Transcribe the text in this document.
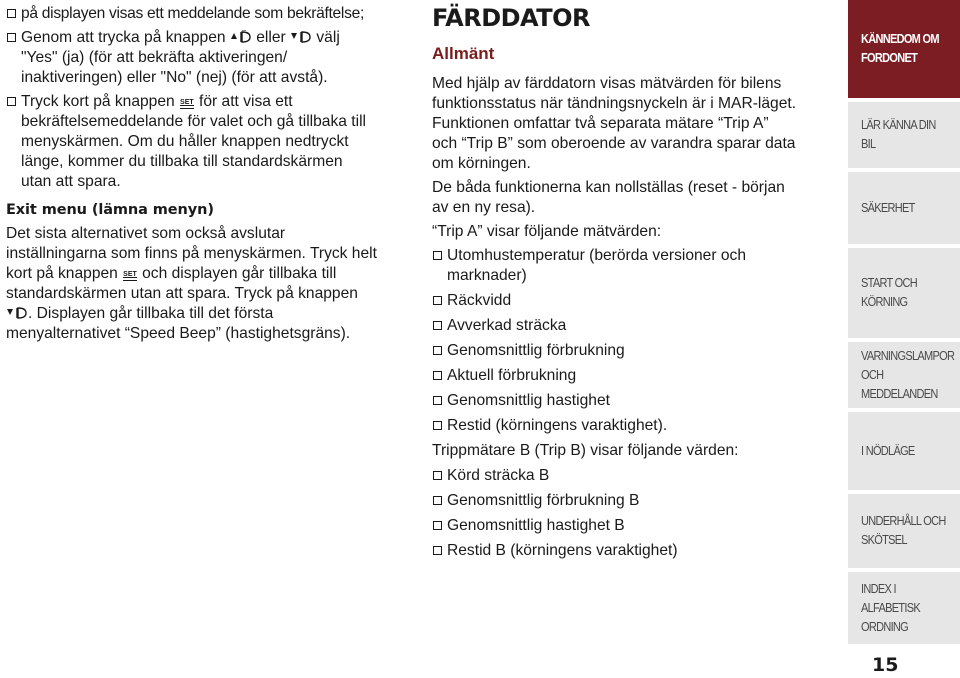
på displayen visas ett meddelande som bekräftelse;

Genom att trycka på knappen  eller  välj
"Yes" (ja) (för att bekräfta aktiveringen/
inaktiveringen) eller "No" (nej) (för att avstå).

Tryck kort på knappen SET för att visa ett
bekräftelsemeddelande för valet och gå tillbaka till
menyskärmen. Om du håller knappen nedtryckt
länge, kommer du tillbaka till standardskärmen
utan att spara.

Exit menu (lämna menyn)

Det sista alternativet som också avslutar
inställningarna som finns på menyskärmen. Tryck helt
kort på knappen SET och displayen går tillbaka till
standardskärmen utan att spara. Tryck på knappen
. Displayen går tillbaka till det första
menyalternativet “Speed Beep” (hastighetsgräns).

FÄRDDATOR
Allmänt

Med hjälp av färddatorn visas mätvärden för bilens
funktionsstatus när tändningsnyckeln är i MAR-läget.
Funktionen omfattar två separata mätare “Trip A”
och “Trip B” som oberoende av varandra sparar data
om körningen.

De båda funktionerna kan nollställas (reset - början
av en ny resa).

“Trip A” visar följande mätvärden:

Utomhustemperatur (berörda versioner och
marknader)

Räckvidd

Avverkad sträcka

Genomsnittlig förbrukning

Aktuell förbrukning

Genomsnittlig hastighet

Restid (körningens varaktighet).

Trippmätare B (Trip B) visar följande värden:

Körd sträcka B

Genomsnittlig förbrukning B

Genomsnittlig hastighet B

Restid B (körningens varaktighet)

KÄNNEDOM OM
FORDONET
LÄR KÄNNA DIN BIL
SÄKERHET
START OCH
KÖRNING
VARNINGSLAMPOR
OCH MEDDELANDEN
I NÖDLÄGE
UNDERHÅLL OCH
SKÖTSEL
INDEX I ALFABETISK
ORDNING
15
